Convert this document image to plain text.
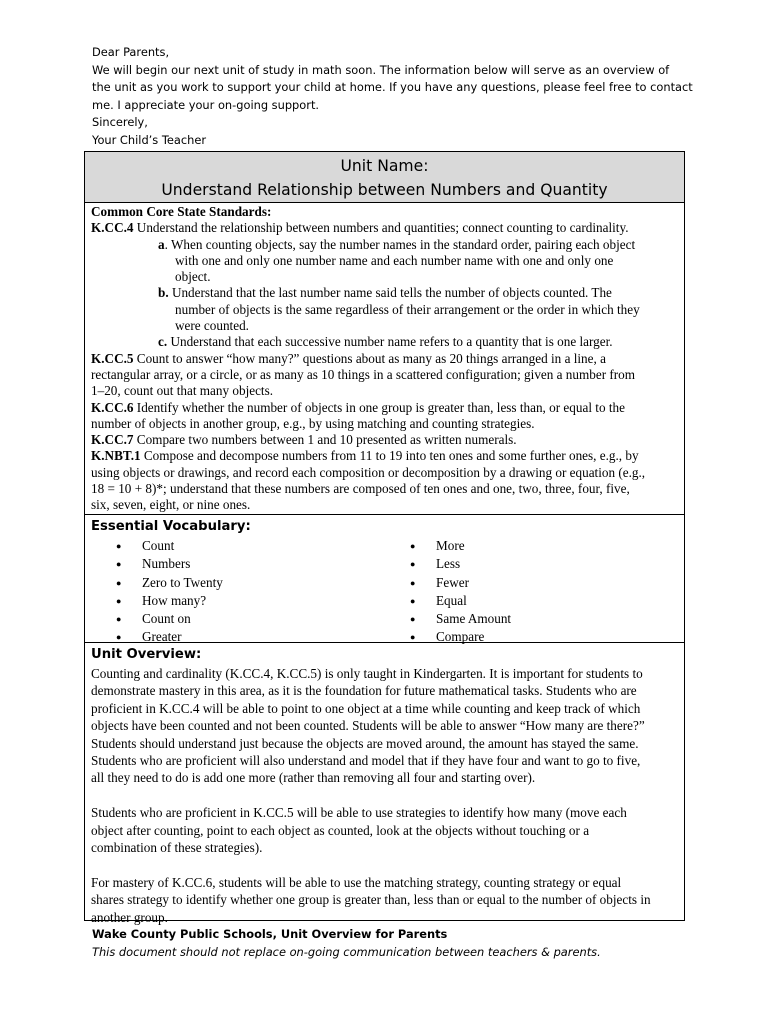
Dear Parents,
We will begin our next unit of study in math soon. The information below will serve as an overview of
the unit as you work to support your child at home. If you have any questions, please feel free to contact
me. I appreciate your on-going support.
Sincerely,
Your Child’s Teacher
Unit Name:
Understand Relationship between Numbers and Quantity
Common Core State Standards:
K.CC.4 Understand the relationship between numbers and quantities; connect counting to cardinality.
a. When counting objects, say the number names in the standard order, pairing each object
with one and only one number name and each number name with one and only one
object.
b. Understand that the last number name said tells the number of objects counted. The
number of objects is the same regardless of their arrangement or the order in which they
were counted.
c. Understand that each successive number name refers to a quantity that is one larger.
K.CC.5 Count to answer “how many?” questions about as many as 20 things arranged in a line, a
rectangular array, or a circle, or as many as 10 things in a scattered configuration; given a number from
1–20, count out that many objects.
K.CC.6 Identify whether the number of objects in one group is greater than, less than, or equal to the
number of objects in another group, e.g., by using matching and counting strategies.
K.CC.7 Compare two numbers between 1 and 10 presented as written numerals.
K.NBT.1 Compose and decompose numbers from 11 to 19 into ten ones and some further ones, e.g., by
using objects or drawings, and record each composition or decomposition by a drawing or equation (e.g.,
18 = 10 + 8)*; understand that these numbers are composed of ten ones and one, two, three, four, five,
six, seven, eight, or nine ones.
Essential Vocabulary:
● Count
● Numbers
● Zero to Twenty
● How many?
● Count on
● Greater
● More
● Less
● Fewer
● Equal
● Same Amount
● Compare
Unit Overview:
Counting and cardinality (K.CC.4, K.CC.5) is only taught in Kindergarten. It is important for students to
demonstrate mastery in this area, as it is the foundation for future mathematical tasks. Students who are
proficient in K.CC.4 will be able to point to one object at a time while counting and keep track of which
objects have been counted and not been counted. Students will be able to answer “How many are there?”
Students should understand just because the objects are moved around, the amount has stayed the same.
Students who are proficient will also understand and model that if they have four and want to go to five,
all they need to do is add one more (rather than removing all four and starting over).
Students who are proficient in K.CC.5 will be able to use strategies to identify how many (move each
object after counting, point to each object as counted, look at the objects without touching or a
combination of these strategies).
For mastery of K.CC.6, students will be able to use the matching strategy, counting strategy or equal
shares strategy to identify whether one group is greater than, less than or equal to the number of objects in
another group.
Wake County Public Schools, Unit Overview for Parents
This document should not replace on-going communication between teachers & parents.
